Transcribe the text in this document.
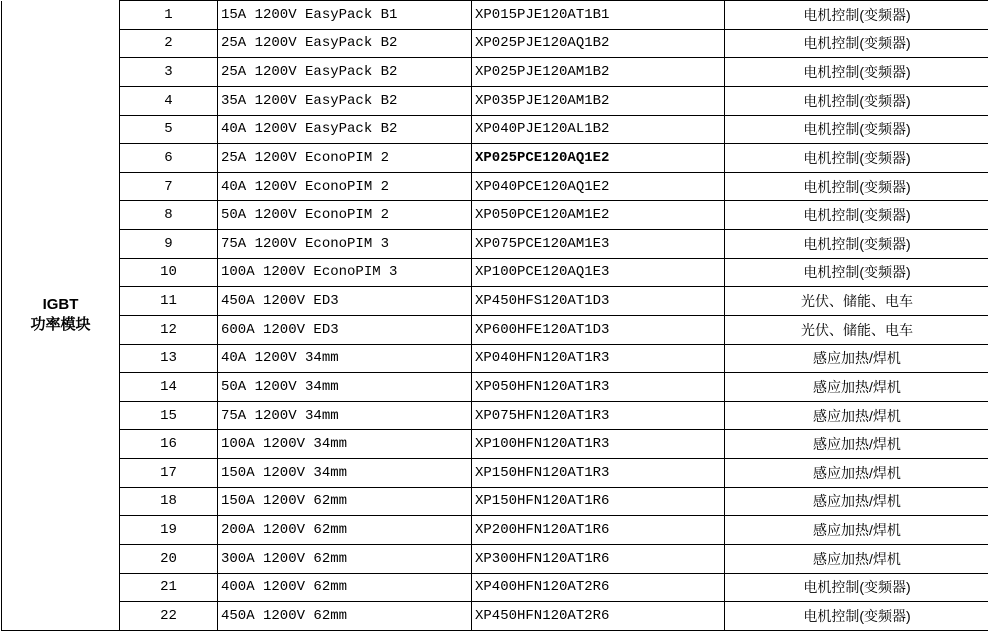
IGBT
功率模块	1	15A 1200V EasyPack B1	XP015PJE120AT1B1	电机控制(变频器)
	2	25A 1200V EasyPack B2	XP025PJE120AQ1B2	电机控制(变频器)
	3	25A 1200V EasyPack B2	XP025PJE120AM1B2	电机控制(变频器)
	4	35A 1200V EasyPack B2	XP035PJE120AM1B2	电机控制(变频器)
	5	40A 1200V EasyPack B2	XP040PJE120AL1B2	电机控制(变频器)
	6	25A 1200V EconoPIM 2	XP025PCE120AQ1E2	电机控制(变频器)
	7	40A 1200V EconoPIM 2	XP040PCE120AQ1E2	电机控制(变频器)
	8	50A 1200V EconoPIM 2	XP050PCE120AM1E2	电机控制(变频器)
	9	75A 1200V EconoPIM 3	XP075PCE120AM1E3	电机控制(变频器)
	10	100A 1200V EconoPIM 3	XP100PCE120AQ1E3	电机控制(变频器)
	11	450A 1200V ED3	XP450HFS120AT1D3	光伏、储能、电车
	12	600A 1200V ED3	XP600HFE120AT1D3	光伏、储能、电车
	13	40A 1200V 34mm	XP040HFN120AT1R3	感应加热/焊机
	14	50A 1200V 34mm	XP050HFN120AT1R3	感应加热/焊机
	15	75A 1200V 34mm	XP075HFN120AT1R3	感应加热/焊机
	16	100A 1200V 34mm	XP100HFN120AT1R3	感应加热/焊机
	17	150A 1200V 34mm	XP150HFN120AT1R3	感应加热/焊机
	18	150A 1200V 62mm	XP150HFN120AT1R6	感应加热/焊机
	19	200A 1200V 62mm	XP200HFN120AT1R6	感应加热/焊机
	20	300A 1200V 62mm	XP300HFN120AT1R6	感应加热/焊机
	21	400A 1200V 62mm	XP400HFN120AT2R6	电机控制(变频器)
	22	450A 1200V 62mm	XP450HFN120AT2R6	电机控制(变频器)
